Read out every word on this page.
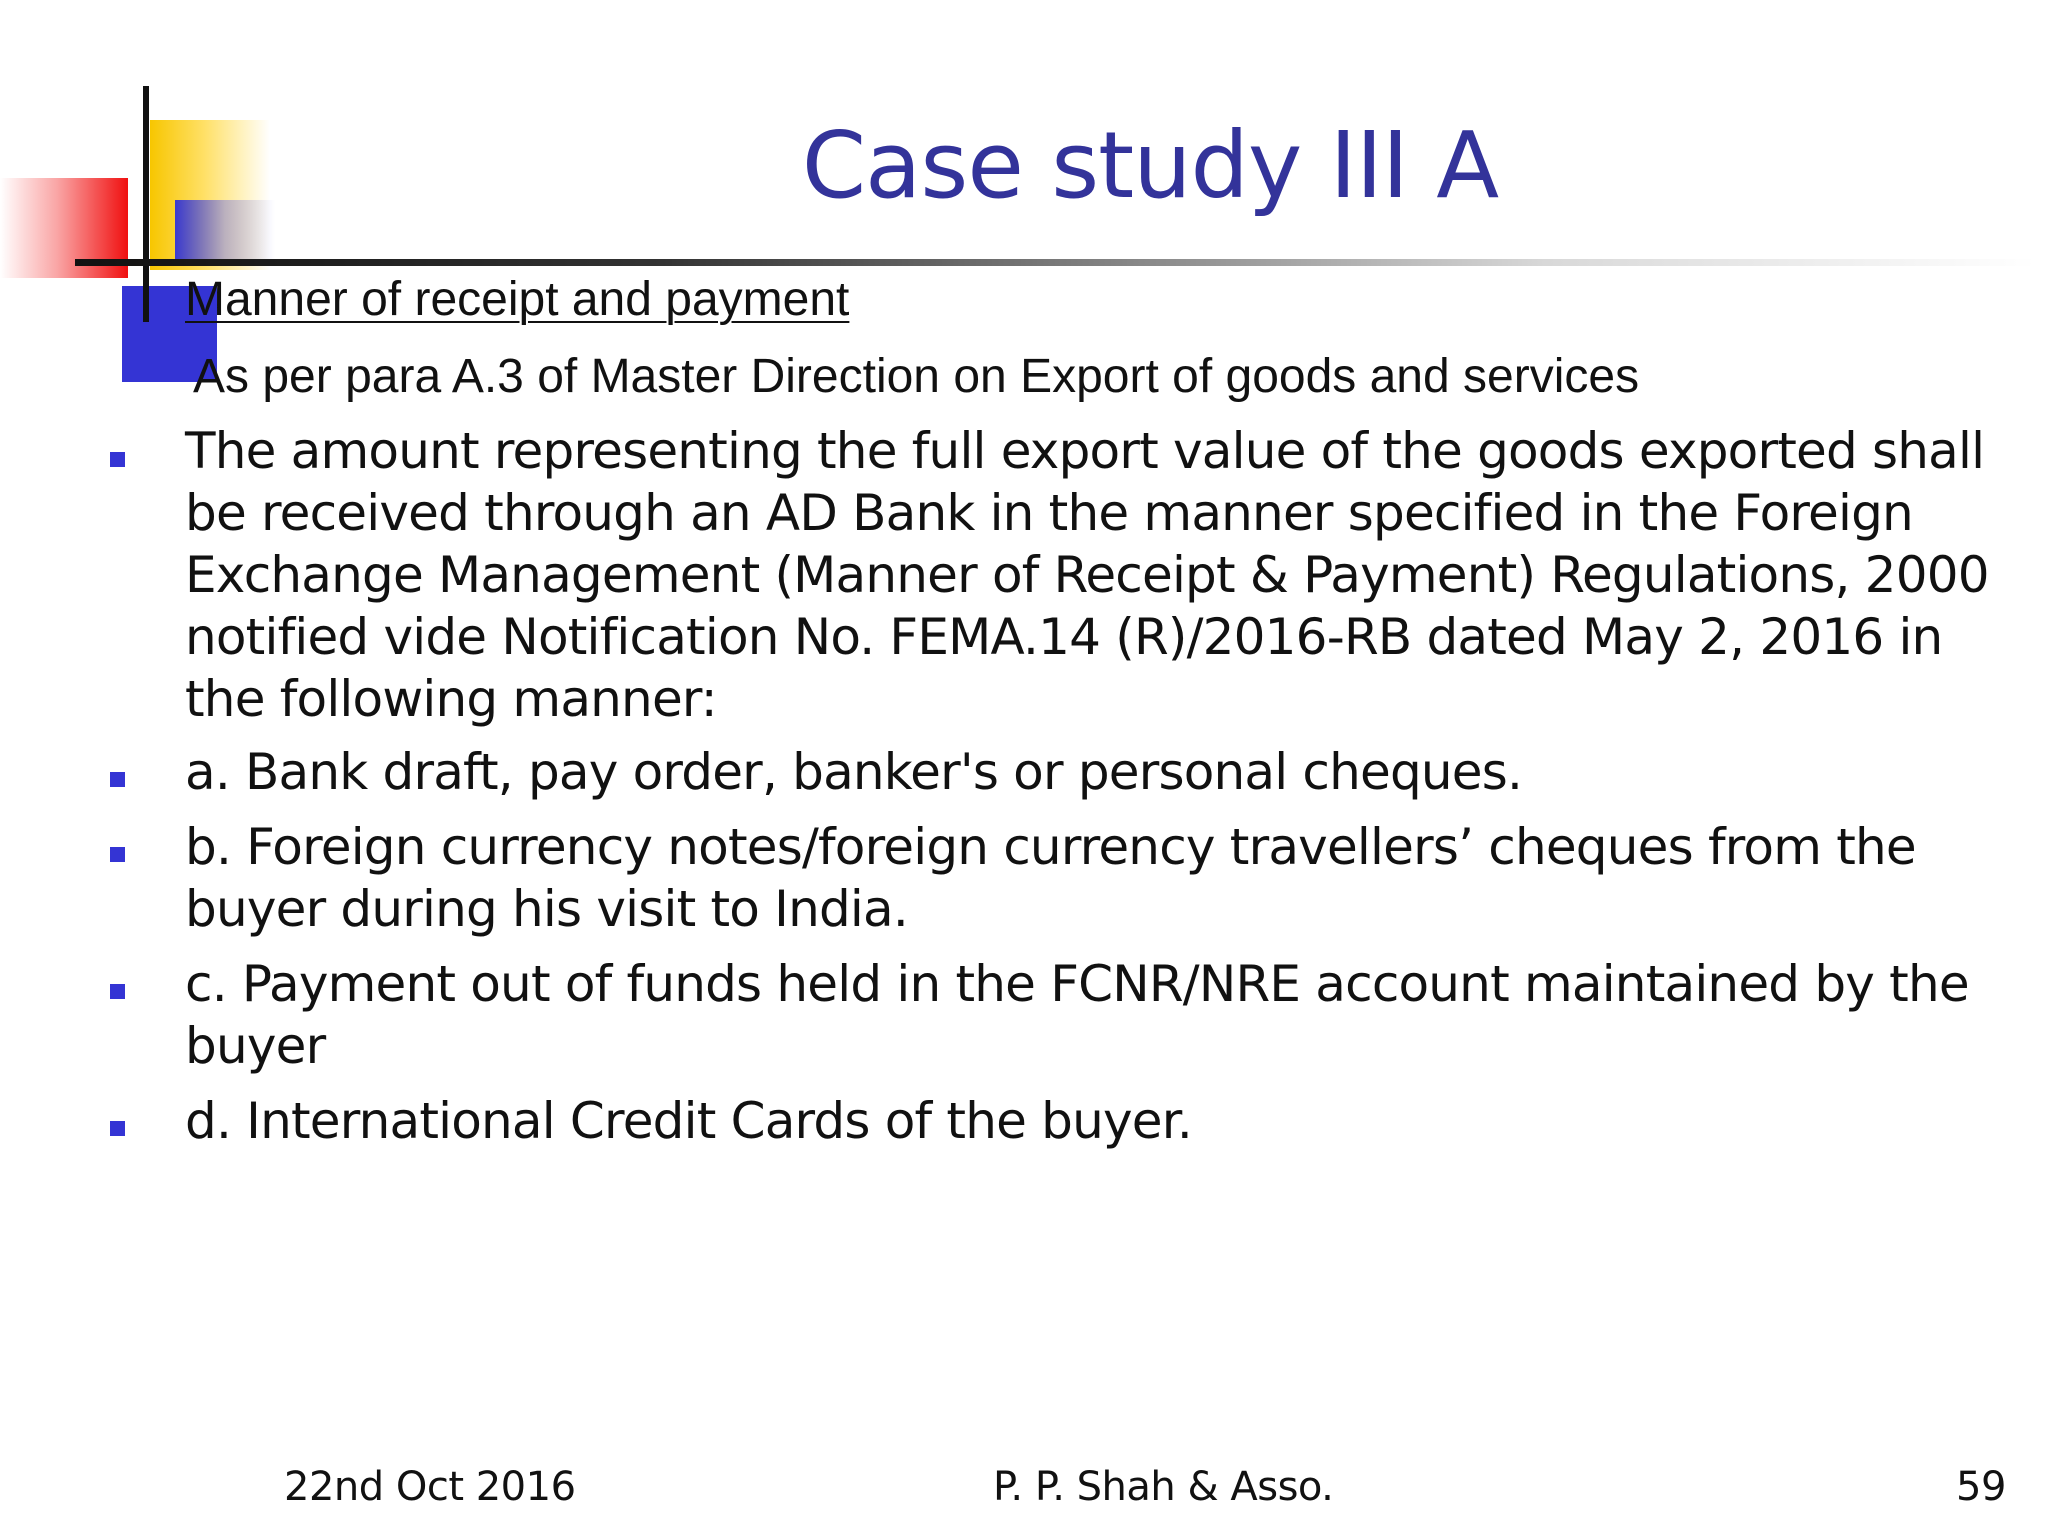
Case study III A
Manner of receipt and payment
As per para A.3 of Master Direction on Export of goods and services
The amount representing the full export value of the goods exported shall be received through an AD Bank in the manner specified in the Foreign Exchange Management (Manner of Receipt & Payment) Regulations, 2000 notified vide Notification No. FEMA.14 (R)/2016-RB dated May 2, 2016 in the following manner:
a. Bank draft, pay order, banker's or personal cheques.
b. Foreign currency notes/foreign currency travellers’ cheques from the buyer during his visit to India.
c. Payment out of funds held in the FCNR/NRE account maintained by the buyer
d. International Credit Cards of the buyer.
22nd Oct 2016	P. P. Shah & Asso.	59
